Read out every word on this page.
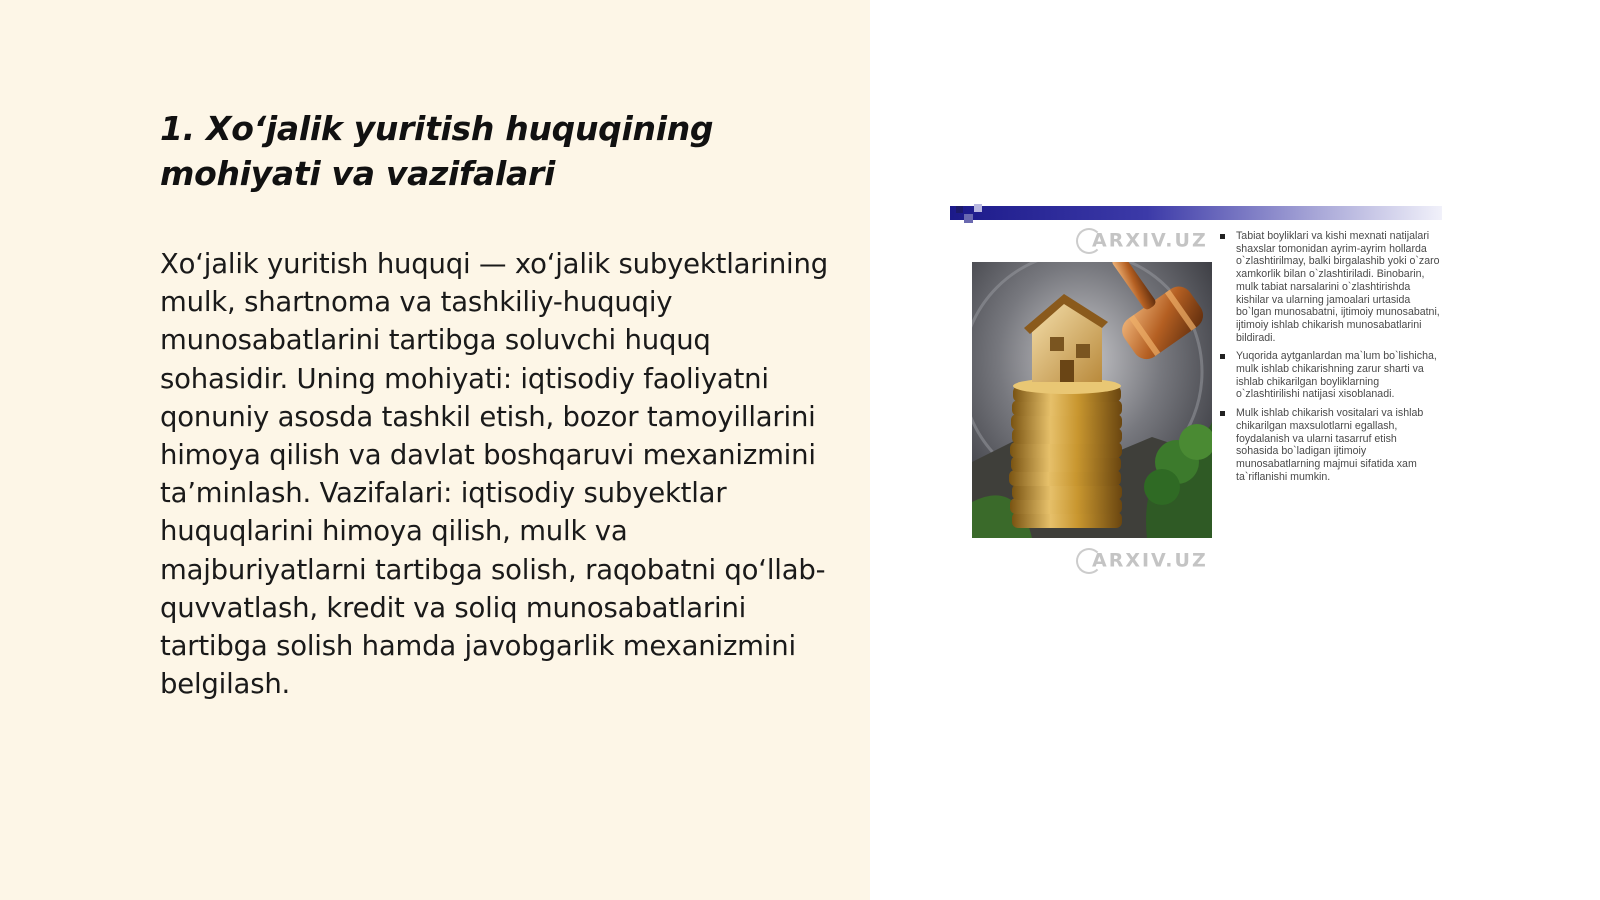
1. Xo‘jalik yuritish huquqining mohiyati va vazifalari

Xo‘jalik yuritish huquqi — xo‘jalik subyektlarining mulk, shartnoma va tashkiliy-huquqiy munosabatlarini tartibga soluvchi huquq sohasidir. Uning mohiyati: iqtisodiy faoliyatni qonuniy asosda tashkil etish, bozor tamoyillarini himoya qilish va davlat boshqaruvi mexanizmini ta’minlash. Vazifalari: iqtisodiy subyektlar huquqlarini himoya qilish, mulk va majburiyatlarni tartibga solish, raqobatni qo‘llab-quvvatlash, kredit va soliq munosabatlarini tartibga solish hamda javobgarlik mexanizmini belgilash.

ARXIV.UZ	Tabiat boyliklari va kishi mexnati natijalari shaxslar tomonidan ayrim-ayrim hollarda o`zlashtirilmay, balki birgalashib yoki o`zaro xamkorlik bilan o`zlashtiriladi. Binobarin, mulk tabiat narsalarini o`zlashtirishda kishilar va ularning jamoalari urtasida bo`lgan munosabatni, ijtimoiy munosabatni, ijtimoiy ishlab chikarish munosabatlarini bildiradi.
Yuqorida aytganlardan ma`lum bo`lishicha, mulk ishlab chikarishning zarur sharti va ishlab chikarilgan boyliklarning o`zlashtirilishi natijasi xisoblanadi.
Mulk ishlab chikarish vositalari va ishlab chikarilgan maxsulotlarni egallash, foydalanish va ularni tasarruf etish sohasida bo`ladigan ijtimoiy munosabatlarning majmui sifatida xam ta`riflanishi mumkin.
ARXIV.UZ
